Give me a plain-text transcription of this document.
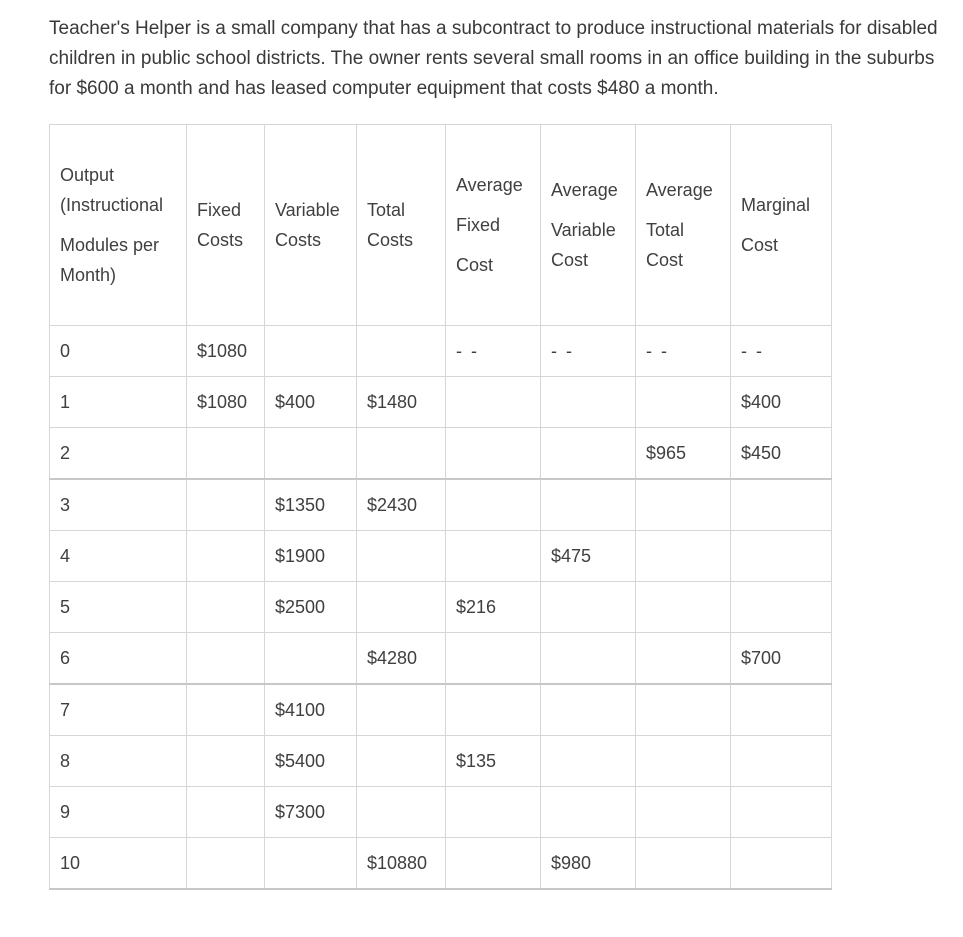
Teacher's Helper is a small company that has a subcontract to produce instructional materials for disabled children in public school districts. The owner rents several small rooms in an office building in the suburbs for $600 a month and has leased computer equipment that costs $480 a month.

Output
(Instructional
Modules per
Month)	Fixed
Costs	Variable
Costs	Total
Costs	Average
Fixed
Cost	Average
Variable
Cost	Average
Total
Cost	Marginal
Cost

0	$1080			- -	- -	- -	- -
1	$1080	$400	$1480				$400
2						$965	$450
3		$1350	$2430				
4		$1900			$475		
5		$2500		$216			
6			$4280				$700
7		$4100					
8		$5400		$135			
9		$7300					
10			$10880		$980		
